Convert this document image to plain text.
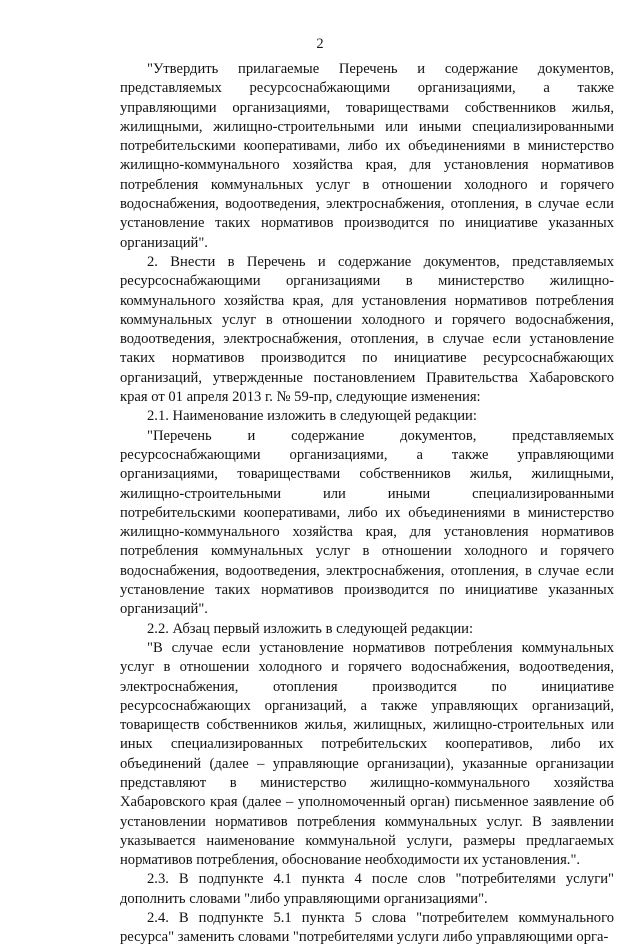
2

"Утвердить прилагаемые Перечень и содержание документов, представляемых ресурсоснабжающими организациями, а также управляющими организациями, товариществами собственников жилья, жилищными, жилищно-строительными или иными специализированными потребительскими кооперативами, либо их объединениями в министерство жилищно-коммунального хозяйства края, для установления нормативов потребления коммунальных услуг в отношении холодного и горячего водоснабжения, водоотведения, электроснабжения, отопления, в случае если установление таких нормативов производится по инициативе указанных организаций".

2. Внести в Перечень и содержание документов, представляемых ресурсоснабжающими организациями в министерство жилищно-коммунального хозяйства края, для установления нормативов потребления коммунальных услуг в отношении холодного и горячего водоснабжения, водоотведения, электроснабжения, отопления, в случае если установление таких нормативов производится по инициативе ресурсоснабжающих организаций, утвержденные постановлением Правительства Хабаровского края от 01 апреля 2013 г. № 59-пр, следующие изменения:

2.1. Наименование изложить в следующей редакции:

"Перечень и содержание документов, представляемых ресурсоснабжающими организациями, а также управляющими организациями, товариществами собственников жилья, жилищными, жилищно-строительными или иными специализированными потребительскими кооперативами, либо их объединениями в министерство жилищно-коммунального хозяйства края, для установления нормативов потребления коммунальных услуг в отношении холодного и горячего водоснабжения, водоотведения, электроснабжения, отопления, в случае если установление таких нормативов производится по инициативе указанных организаций".

2.2. Абзац первый изложить в следующей редакции:

"В случае если установление нормативов потребления коммунальных услуг в отношении холодного и горячего водоснабжения, водоотведения, электроснабжения, отопления производится по инициативе ресурсоснабжающих организаций, а также управляющих организаций, товариществ собственников жилья, жилищных, жилищно-строительных или иных специализированных потребительских кооперативов, либо их объединений (далее – управляющие организации), указанные организации представляют в министерство жилищно-коммунального хозяйства Хабаровского края (далее – уполномоченный орган) письменное заявление об установлении нормативов потребления коммунальных услуг. В заявлении указывается наименование коммунальной услуги, размеры предлагаемых нормативов потребления, обоснование необходимости их установления.".

2.3. В подпункте 4.1 пункта 4 после слов "потребителями услуги" дополнить словами "либо управляющими организациями".

2.4. В подпункте 5.1 пункта 5 слова "потребителем коммунального ресурса" заменить словами "потребителями услуги либо управляющими орга-
